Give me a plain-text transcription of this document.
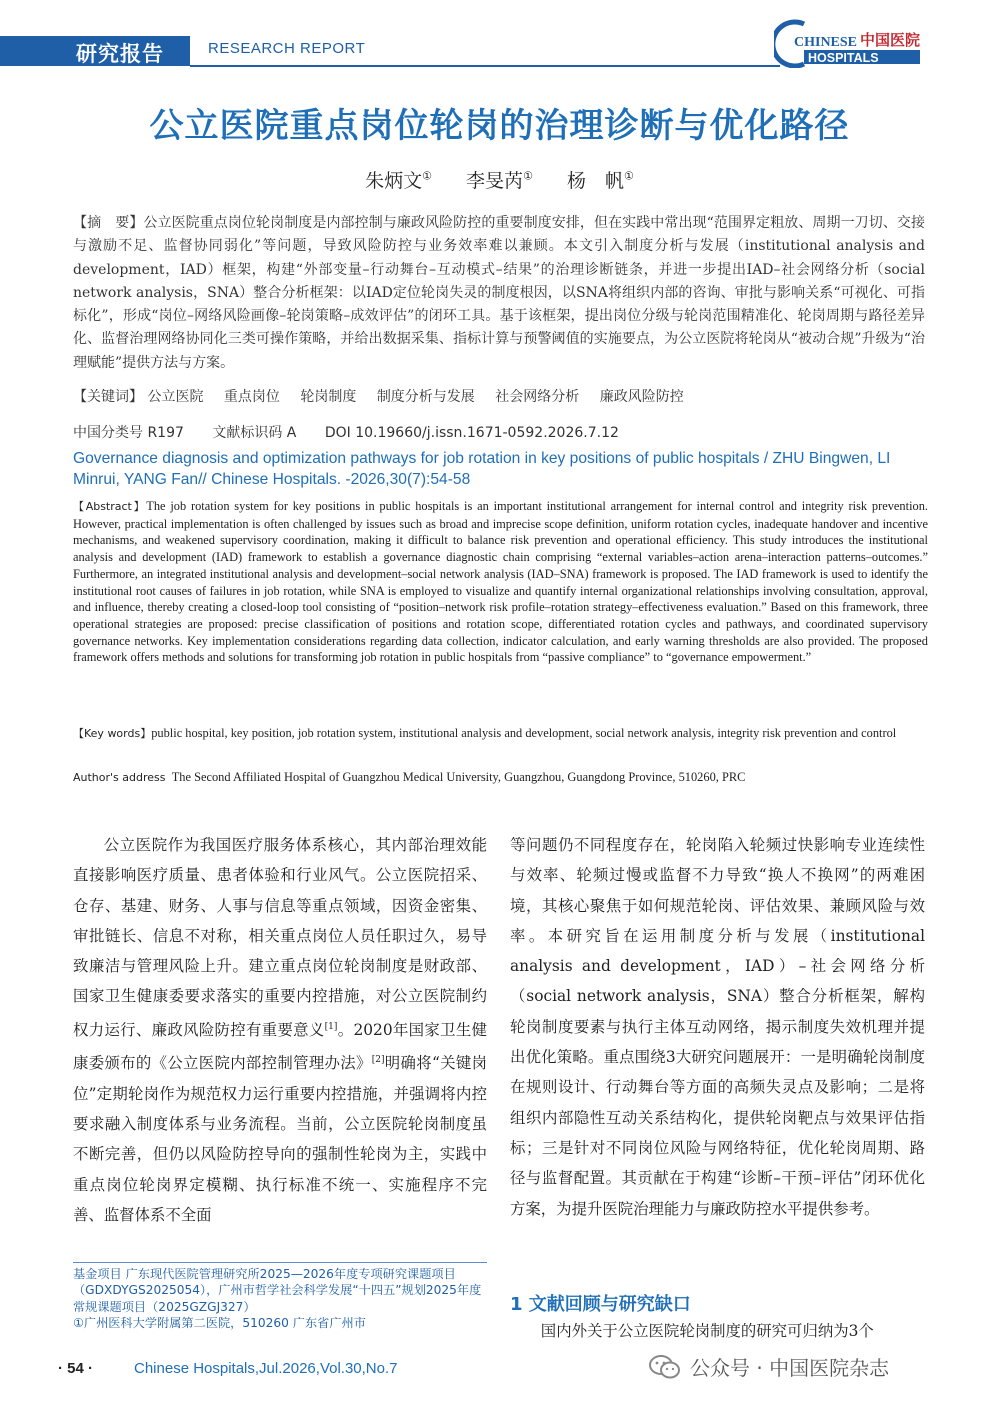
研究报告	RESEARCH REPORT	CHINESE 中国医院
HOSPITALS
公立医院重点岗位轮岗的治理诊断与优化路径
朱炳文① 李旻芮① 杨　帆①
【摘　要】公立医院重点岗位轮岗制度是内部控制与廉政风险防控的重要制度安排，但在实践中常出现“范围界定粗放、周期一刀切、交接与激励不足、监督协同弱化”等问题，导致风险防控与业务效率难以兼顾。本文引入制度分析与发展（institutional analysis and development，IAD）框架，构建“外部变量–行动舞台–互动模式–结果”的治理诊断链条，并进一步提出IAD–社会网络分析（social network analysis，SNA）整合分析框架：以IAD定位轮岗失灵的制度根因，以SNA将组织内部的咨询、审批与影响关系“可视化、可指标化”，形成“岗位–网络风险画像–轮岗策略–成效评估”的闭环工具。基于该框架，提出岗位分级与轮岗范围精准化、轮岗周期与路径差异化、监督治理网络协同化三类可操作策略，并给出数据采集、指标计算与预警阈值的实施要点，为公立医院将轮岗从“被动合规”升级为“治理赋能”提供方法与方案。
【关键词】 公立医院 重点岗位 轮岗制度 制度分析与发展 社会网络分析 廉政风险防控
中国分类号 R197 文献标识码 A DOI 10.19660/j.issn.1671-0592.2026.7.12
Governance diagnosis and optimization pathways for job rotation in key positions of public hospitals / ZHU Bingwen, LI Minrui, YANG Fan// Chinese Hospitals. -2026,30(7):54-58
【Abstract】The job rotation system for key positions in public hospitals is an important institutional arrangement for internal control and integrity risk prevention. However, practical implementation is often challenged by issues such as broad and imprecise scope definition, uniform rotation cycles, inadequate handover and incentive mechanisms, and weakened supervisory coordination, making it difficult to balance risk prevention and operational efficiency. This study introduces the institutional analysis and development (IAD) framework to establish a governance diagnostic chain comprising “external variables–action arena–interaction patterns–outcomes.” Furthermore, an integrated institutional analysis and development–social network analysis (IAD–SNA) framework is proposed. The IAD framework is used to identify the institutional root causes of failures in job rotation, while SNA is employed to visualize and quantify internal organizational relationships involving consultation, approval, and influence, thereby creating a closed-loop tool consisting of “position–network risk profile–rotation strategy–effectiveness evaluation.” Based on this framework, three operational strategies are proposed: precise classification of positions and rotation scope, differentiated rotation cycles and pathways, and coordinated supervisory governance networks. Key implementation considerations regarding data collection, indicator calculation, and early warning thresholds are also provided. The proposed framework offers methods and solutions for transforming job rotation in public hospitals from “passive compliance” to “governance empowerment.”
【Key words】public hospital, key position, job rotation system, institutional analysis and development, social network analysis, integrity risk prevention and control
Author's address The Second Affiliated Hospital of Guangzhou Medical University, Guangzhou, Guangdong Province, 510260, PRC

公立医院作为我国医疗服务体系核心，其内部治理效能直接影响医疗质量、患者体验和行业风气。公立医院招采、仓存、基建、财务、人事与信息等重点领域，因资金密集、审批链长、信息不对称，相关重点岗位人员任职过久，易导致廉洁与管理风险上升。建立重点岗位轮岗制度是财政部、国家卫生健康委要求落实的重要内控措施，对公立医院制约权力运行、廉政风险防控有重要意义[1]。2020年国家卫生健康委颁布的《公立医院内部控制管理办法》[2]明确将“关键岗位”定期轮岗作为规范权力运行重要内控措施，并强调将内控要求融入制度体系与业务流程。当前，公立医院轮岗制度虽不断完善，但仍以风险防控导向的强制性轮岗为主，实践中重点岗位轮岗界定模糊、执行标准不统一、实施程序不完善、监督体系不全面

等问题仍不同程度存在，轮岗陷入轮频过快影响专业连续性与效率、轮频过慢或监督不力导致“换人不换网”的两难困境，其核心聚焦于如何规范轮岗、评估效果、兼顾风险与效率。本研究旨在运用制度分析与发展（institutional analysis and development，IAD）–社会网络分析（social network analysis，SNA）整合分析框架，解构轮岗制度要素与执行主体互动网络，揭示制度失效机理并提出优化策略。重点围绕3大研究问题展开：一是明确轮岗制度在规则设计、行动舞台等方面的高频失灵点及影响；二是将组织内部隐性互动关系结构化，提供轮岗靶点与效果评估指标；三是针对不同岗位风险与网络特征，优化轮岗周期、路径与监督配置。其贡献在于构建“诊断–干预–评估”闭环优化方案，为提升医院治理能力与廉政防控水平提供参考。

基金项目 广东现代医院管理研究所2025—2026年度专项研究课题项目（GDXDYGS2025054），广州市哲学社会科学发展“十四五”规划2025年度常规课题项目（2025GZGJ327）
①广州医科大学附属第二医院，510260 广东省广州市
1 文献回顾与研究缺口
国内外关于公立医院轮岗制度的研究可归纳为3个
· 54 ·	Chinese Hospitals,Jul.2026,Vol.30,No.7	公众号 · 中国医院杂志
